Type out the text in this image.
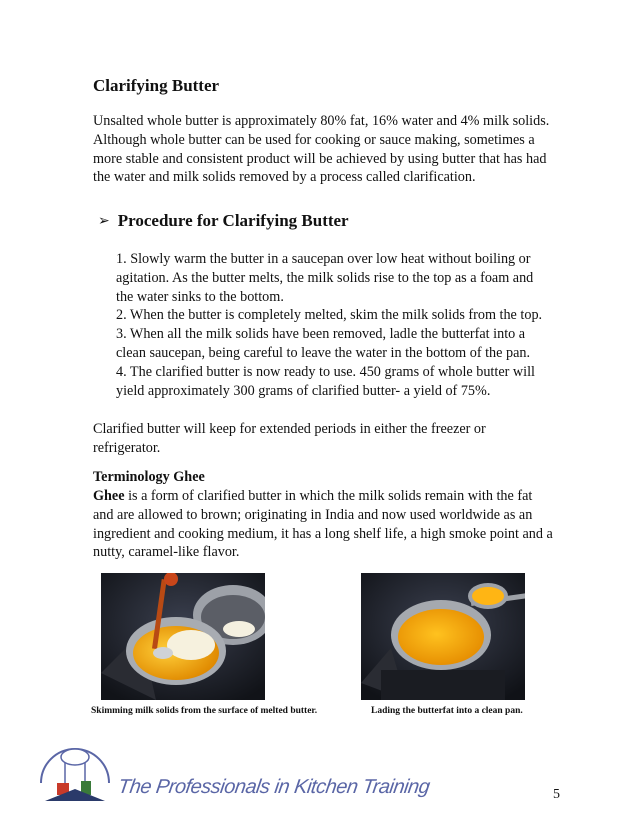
Clarifying Butter

Unsalted whole butter is approximately 80% fat, 16% water and 4% milk solids. Although whole butter can be used for cooking or sauce making, sometimes a more stable and consistent product will be achieved by using butter that has had the water and milk solids removed by a process called clarification.

➢ Procedure for Clarifying Butter
1. Slowly warm the butter in a saucepan over low heat without boiling or agitation. As the butter melts, the milk solids rise to the top as a foam and the water sinks to the bottom.
2. When the butter is completely melted, skim the milk solids from the top.
3. When all the milk solids have been removed, ladle the butterfat into a clean saucepan, being careful to leave the water in the bottom of the pan.
4. The clarified butter is now ready to use. 450 grams of whole butter will yield approximately 300 grams of clarified butter- a yield of 75%.

Clarified butter will keep for extended periods in either the freezer or refrigerator.

Terminology Ghee

Ghee is a form of clarified butter in which the milk solids remain with the fat and are allowed to brown; originating in India and now used worldwide as an ingredient and cooking medium, it has a long shelf life, a high smoke point and a nutty, caramel-like flavor.

Skimming milk solids from the surface of melted butter.	Lading the butterfat into a clean pan.

The Professionals in Kitchen Training	5
